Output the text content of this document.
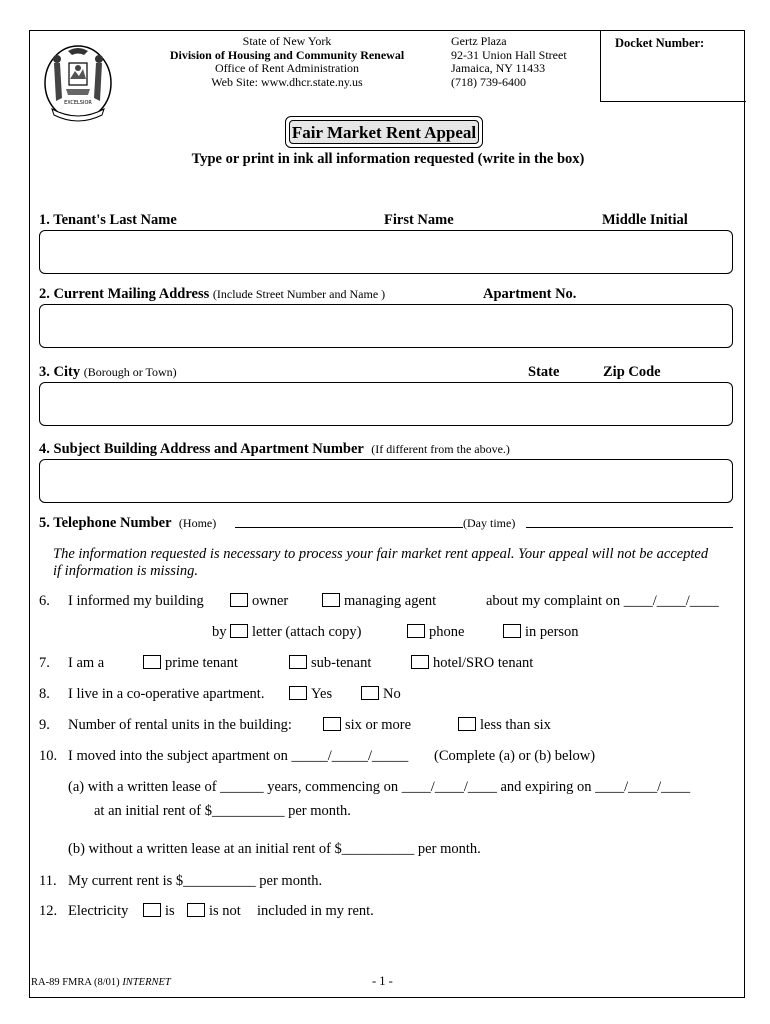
EXCELSIOR
State of New York
Division of Housing and Community Renewal
Office of Rent Administration
Web Site: www.dhcr.state.ny.us
Gertz Plaza
92-31 Union Hall Street
Jamaica, NY 11433
(718) 739-6400
Docket Number:
Fair Market Rent Appeal
Type or print in ink all information requested (write in the box)
1. Tenant's Last Name	First Name	Middle Initial
2. Current Mailing Address (Include Street Number and Name )	Apartment No.
3. City (Borough or Town)	State	Zip Code
4. Subject Building Address and Apartment Number (If different from the above.)
5. Telephone Number (Home)	(Day time)
The information requested is necessary to process your fair market rent appeal. Your appeal will not be accepted if information is missing.
6. I informed my building	owner	managing agent	about my complaint on ____/____/____
by	letter (attach copy)	phone	in person
7. I am a	prime tenant	sub-tenant	hotel/SRO tenant
8. I live in a co-operative apartment.	Yes	No
9. Number of rental units in the building:	six or more	less than six
10. I moved into the subject apartment on _____/_____/_____ (Complete (a) or (b) below)
(a) with a written lease of ______ years, commencing on ____/____/____ and expiring on ____/____/____
at an initial rent of $__________ per month.
(b) without a written lease at an initial rent of $__________ per month.
11. My current rent is $__________ per month.
12. Electricity	is	is not included in my rent.
RA-89 FMRA (8/01) INTERNET	- 1 -
